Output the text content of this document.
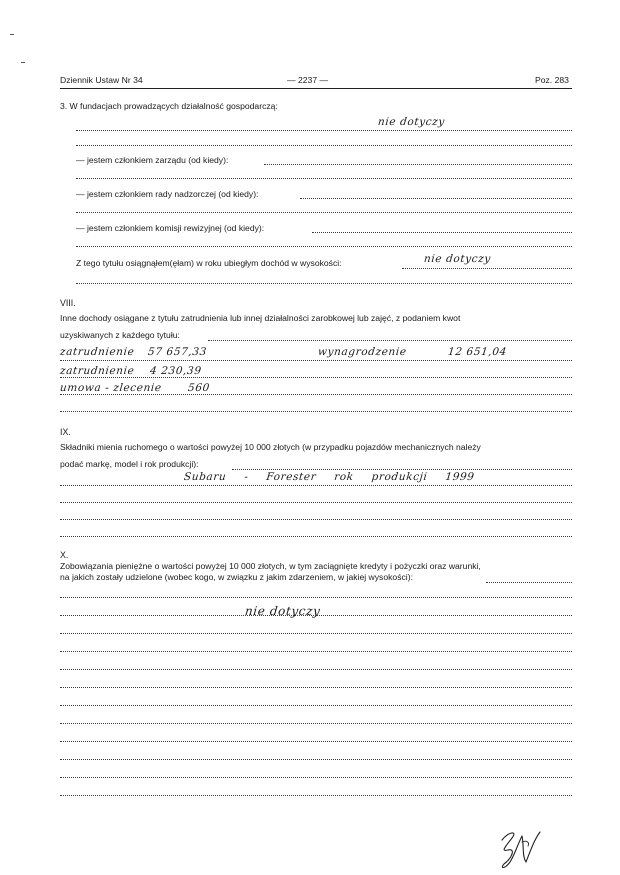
Dziennik Ustaw Nr 34	— 2237 —	Poz. 283
3. W fundacjach prowadzących działalność gospodarczą:
nie dotyczy
— jestem członkiem zarządu (od kiedy):
— jestem członkiem rady nadzorczej (od kiedy):
— jestem członkiem komisji rewizyjnej (od kiedy):
Z tego tytułu osiągnąłem(ęłam) w roku ubiegłym dochód w wysokości:	nie dotyczy
VIII.
Inne dochody osiągane z tytułu zatrudnienia lub innej działalności zarobkowej lub zajęć, z podaniem kwot
uzyskiwanych z każdego tytułu:
zatrudnienie 57 657,33	wynagrodzenie	12 651,04
zatrudnienie 4 230,39
umowa - zlecenie 560
IX.
Składniki mienia ruchomego o wartości powyżej 10 000 złotych (w przypadku pojazdów mechanicznych należy
podać markę, model i rok produkcji):
Subaru - Forester rok produkcji 1999
X.
Zobowiązania pieniężne o wartości powyżej 10 000 złotych, w tym zaciągnięte kredyty i pożyczki oraz warunki,
na jakich zostały udzielone (wobec kogo, w związku z jakim zdarzeniem, w jakiej wysokości):
nie dotyczy
